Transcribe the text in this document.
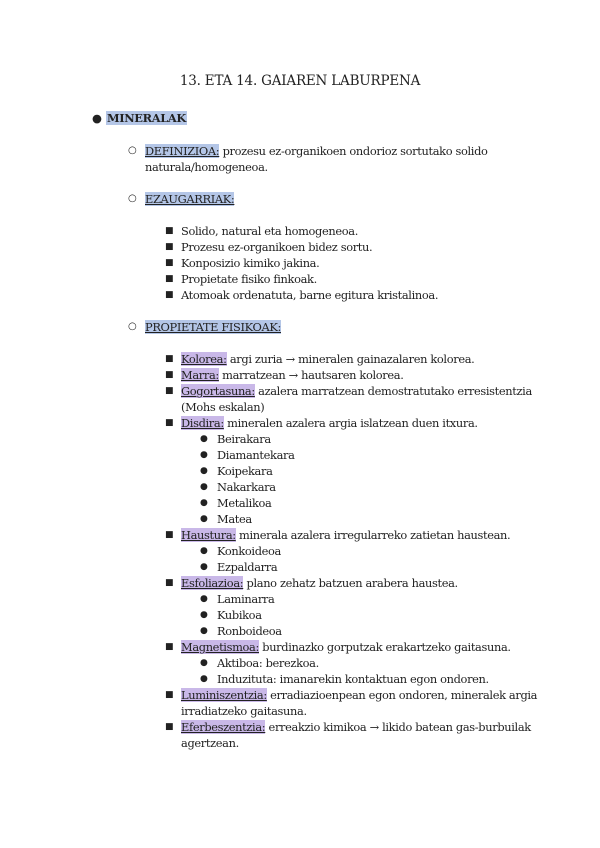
13. ETA 14. GAIAREN LABURPENA
● MINERALAK
○ DEFINIZIOA: prozesu ez-organikoen ondorioz sortutako solido naturala/homogeneoa.
○ EZAUGARRIAK:
■ Solido, natural eta homogeneoa.
■ Prozesu ez-organikoen bidez sortu.
■ Konposizio kimiko jakina.
■ Propietate fisiko finkoak.
■ Atomoak ordenatuta, barne egitura kristalinoa.
○ PROPIETATE FISIKOAK:
■ Kolorea: argi zuria → mineralen gainazalaren kolorea.
■ Marra: marratzean → hautsaren kolorea.
■ Gogortasuna: azalera marratzean demostratutako erresistentzia (Mohs eskalan)
■ Disdira: mineralen azalera argia islatzean duen itxura.
● Beirakara
● Diamantekara
● Koipekara
● Nakarkara
● Metalikoa
● Matea
■ Haustura: minerala azalera irregularreko zatietan haustean.
● Konkoideoa
● Ezpaldarra
■ Esfoliazioa: plano zehatz batzuen arabera haustea.
● Laminarra
● Kubikoa
● Ronboideoa
■ Magnetismoa: burdinazko gorputzak erakartzeko gaitasuna.
● Aktiboa: berezkoa.
● Induzituta: imanarekin kontaktuan egon ondoren.
■ Luminiszentzia: erradiazioenpean egon ondoren, mineralek argia irradiatzeko gaitasuna.
■ Eferbeszentzia: erreakzio kimikoa → likido batean gas-burbuilak agertzean.
